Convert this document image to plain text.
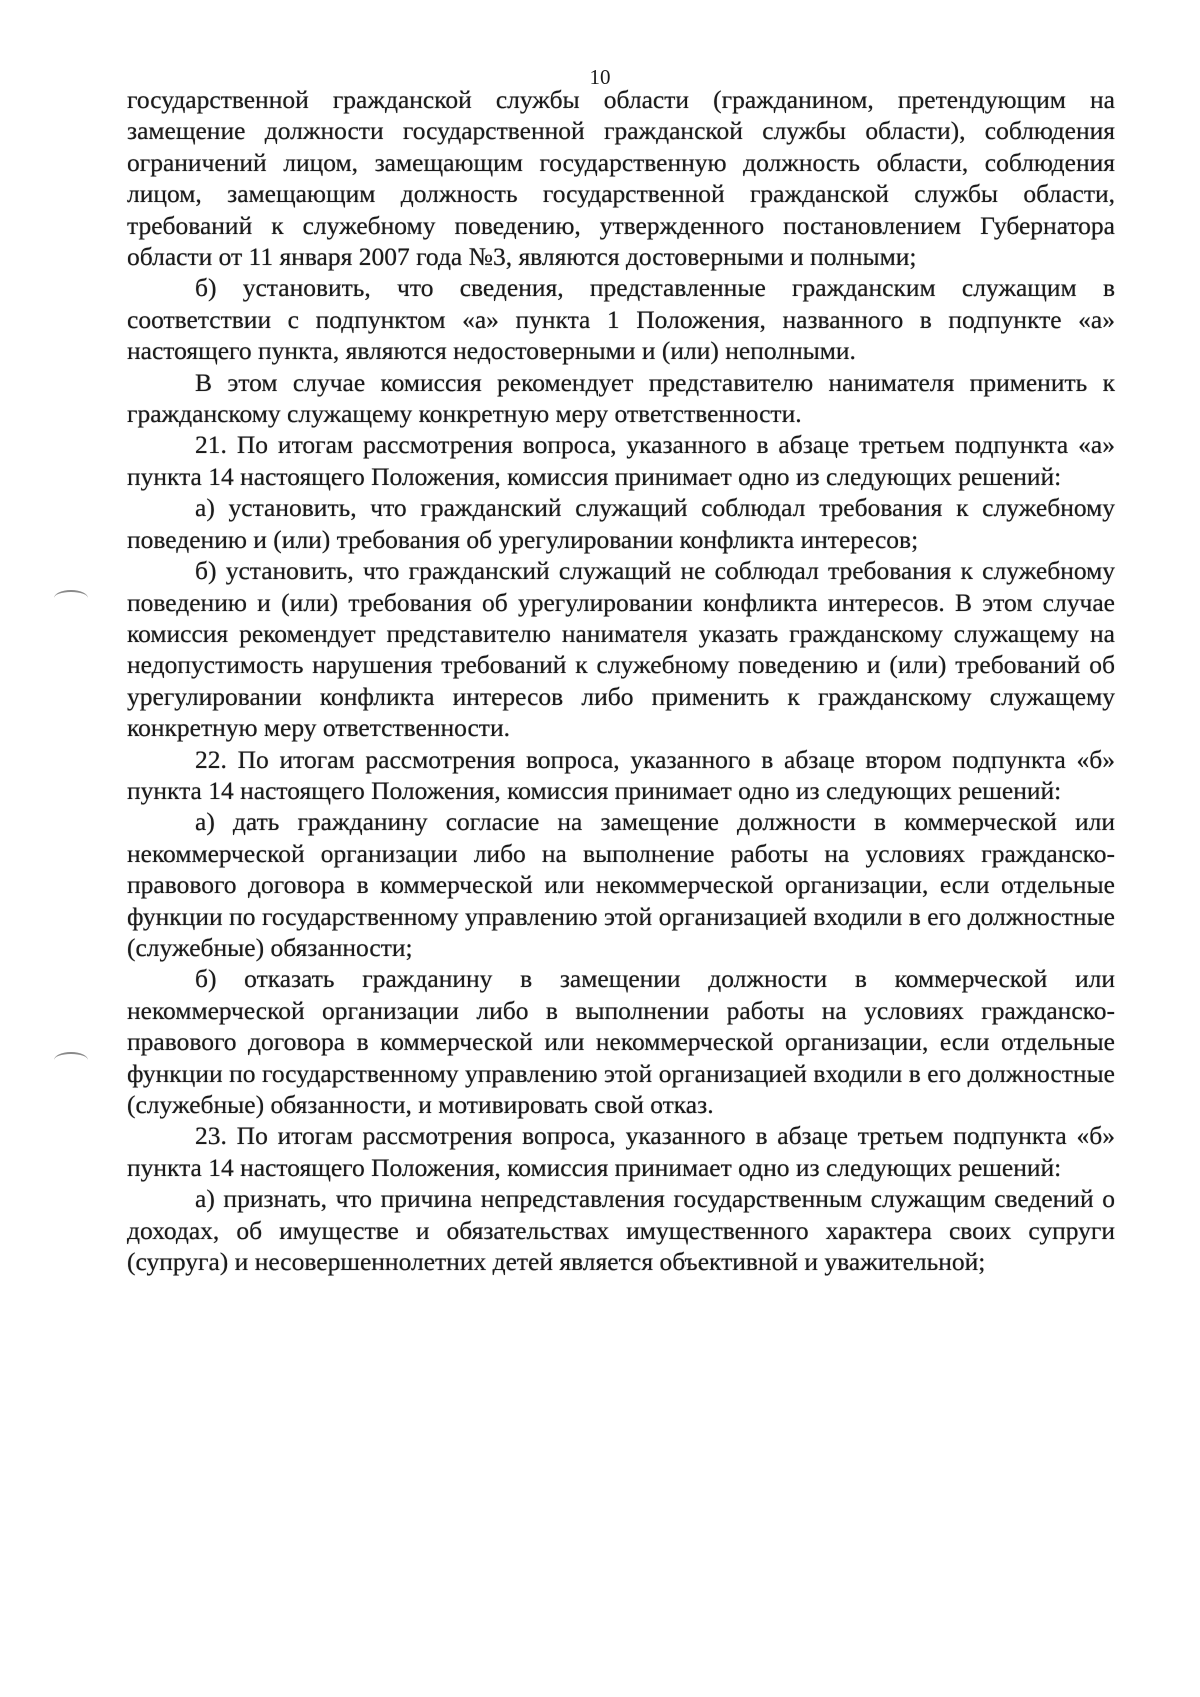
10

государственной гражданской службы области (гражданином, претендующим на замещение должности государственной гражданской службы области), соблюдения ограничений лицом, замещающим государственную должность области, соблюдения лицом, замещающим должность государственной гражданской службы области, требований к служебному поведению, утвержденного постановлением Губернатора области от 11 января 2007 года №3, являются достоверными и полными;

б) установить, что сведения, представленные гражданским служащим в соответствии с подпунктом «а» пункта 1 Положения, названного в подпункте «а» настоящего пункта, являются недостоверными и (или) неполными.

В этом случае комиссия рекомендует представителю нанимателя применить к гражданскому служащему конкретную меру ответственности.

21. По итогам рассмотрения вопроса, указанного в абзаце третьем подпункта «а» пункта 14 настоящего Положения, комиссия принимает одно из следующих решений:

а) установить, что гражданский служащий соблюдал требования к служебному поведению и (или) требования об урегулировании конфликта интересов;

б) установить, что гражданский служащий не соблюдал требования к служебному поведению и (или) требования об урегулировании конфликта интересов. В этом случае комиссия рекомендует представителю нанимателя указать гражданскому служащему на недопустимость нарушения требований к служебному поведению и (или) требований об урегулировании конфликта интересов либо применить к гражданскому служащему конкретную меру ответственности.

22. По итогам рассмотрения вопроса, указанного в абзаце втором подпункта «б» пункта 14 настоящего Положения, комиссия принимает одно из следующих решений:

а) дать гражданину согласие на замещение должности в коммерческой или некоммерческой организации либо на выполнение работы на условиях гражданско-правового договора в коммерческой или некоммерческой организации, если отдельные функции по государственному управлению этой организацией входили в его должностные (служебные) обязанности;

б) отказать гражданину в замещении должности в коммерческой или некоммерческой организации либо в выполнении работы на условиях гражданско-правового договора в коммерческой или некоммерческой организации, если отдельные функции по государственному управлению этой организацией входили в его должностные (служебные) обязанности, и мотивировать свой отказ.

23. По итогам рассмотрения вопроса, указанного в абзаце третьем подпункта «б» пункта 14 настоящего Положения, комиссия принимает одно из следующих решений:

а) признать, что причина непредставления государственным служащим сведений о доходах, об имуществе и обязательствах имущественного характера своих супруги (супруга) и несовершеннолетних детей является объективной и уважительной;
